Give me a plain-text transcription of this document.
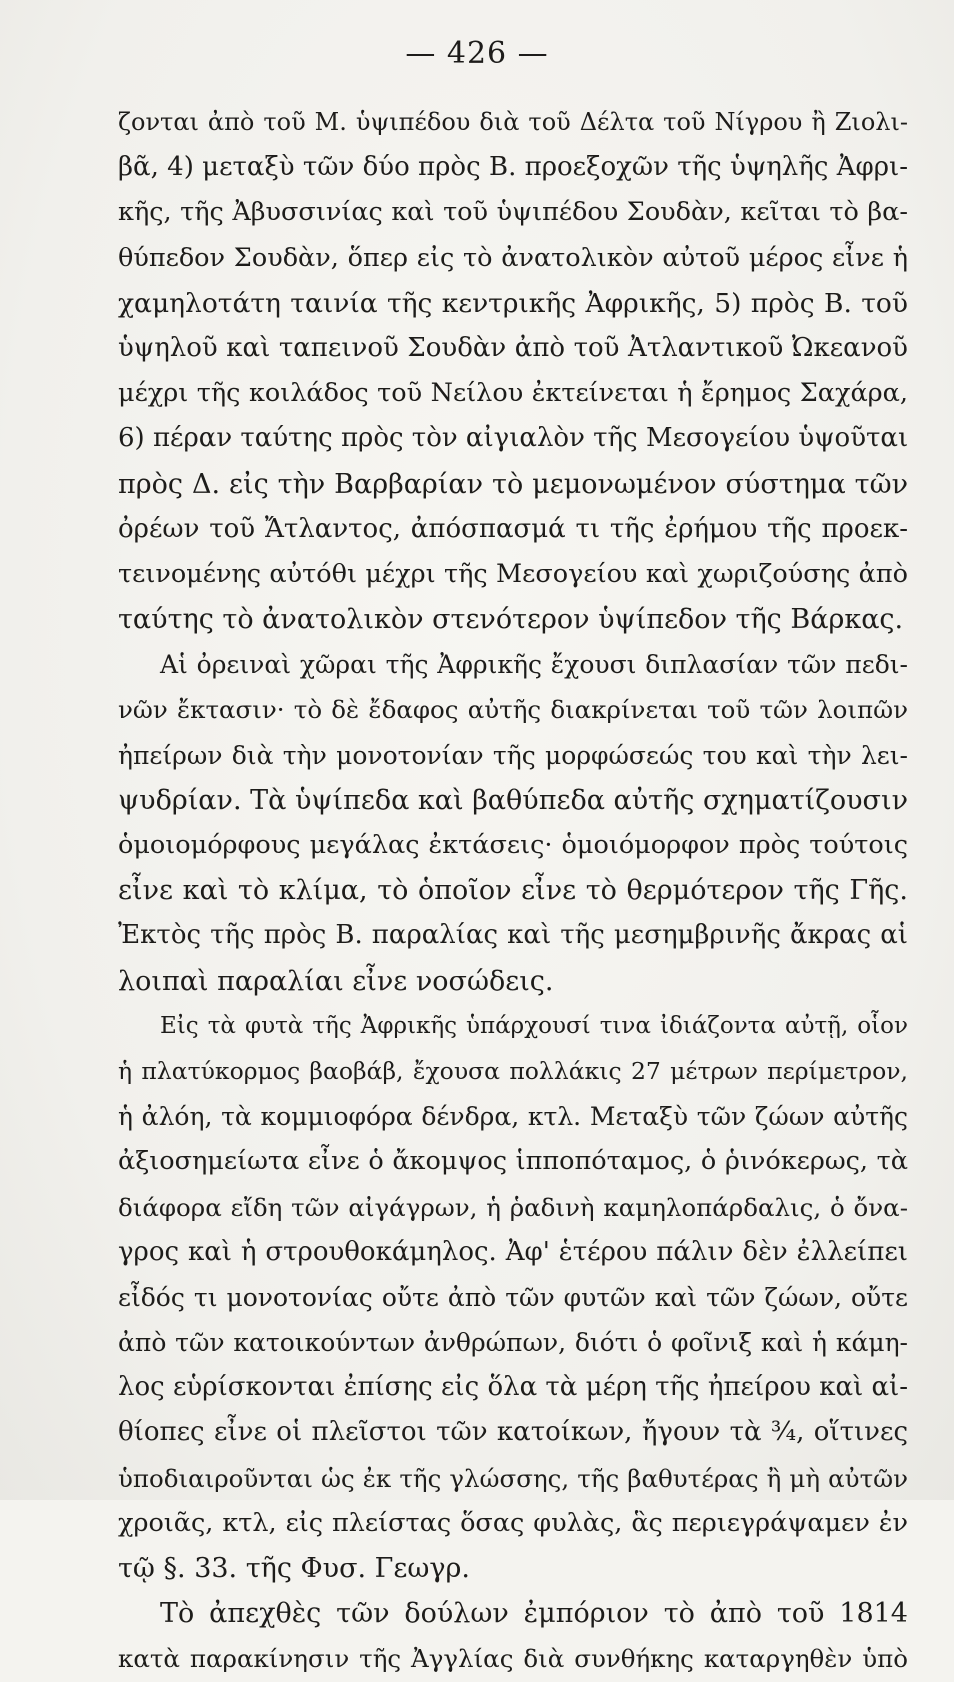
— 426 —
ζονται ἀπὸ τοῦ Μ. ὑψιπέδου διὰ τοῦ Δέλτα τοῦ Νίγρου ἢ Ζιολι-
βᾶ, 4) μεταξὺ τῶν δύο πρὸς Β. προεξοχῶν τῆς ὑψηλῆς Ἀφρι-
κῆς, τῆς Ἀβυσσινίας καὶ τοῦ ὑψιπέδου Σουδὰν, κεῖται τὸ βα-
θύπεδον Σουδὰν, ὅπερ εἰς τὸ ἀνατολικὸν αὐτοῦ μέρος εἶνε ἡ
χαμηλοτάτη ταινία τῆς κεντρικῆς Ἀφρικῆς, 5) πρὸς Β. τοῦ
ὑψηλοῦ καὶ ταπεινοῦ Σουδὰν ἀπὸ τοῦ Ἀτλαντικοῦ Ὠκεανοῦ
μέχρι τῆς κοιλάδος τοῦ Νείλου ἐκτείνεται ἡ ἔρημος Σαχάρα,
6) πέραν ταύτης πρὸς τὸν αἰγιαλὸν τῆς Μεσογείου ὑψοῦται
πρὸς Δ. εἰς τὴν Βαρβαρίαν τὸ μεμονωμένον σύστημα τῶν
ὀρέων τοῦ Ἄτλαντος, ἀπόσπασμά τι τῆς ἐρήμου τῆς προεκ-
τεινομένης αὐτόθι μέχρι τῆς Μεσογείου καὶ χωριζούσης ἀπὸ
ταύτης τὸ ἀνατολικὸν στενότερον ὑψίπεδον τῆς Βάρκας.
Αἱ ὀρειναὶ χῶραι τῆς Ἀφρικῆς ἔχουσι διπλασίαν τῶν πεδι-
νῶν ἔκτασιν· τὸ δὲ ἔδαφος αὐτῆς διακρίνεται τοῦ τῶν λοιπῶν
ἠπείρων διὰ τὴν μονοτονίαν τῆς μορφώσεώς του καὶ τὴν λει-
ψυδρίαν. Τὰ ὑψίπεδα καὶ βαθύπεδα αὐτῆς σχηματίζουσιν
ὁμοιομόρφους μεγάλας ἐκτάσεις· ὁμοιόμορφον πρὸς τούτοις
εἶνε καὶ τὸ κλίμα, τὸ ὁποῖον εἶνε τὸ θερμότερον τῆς Γῆς.
Ἐκτὸς τῆς πρὸς Β. παραλίας καὶ τῆς μεσημβρινῆς ἄκρας αἱ
λοιπαὶ παραλίαι εἶνε νοσώδεις.
Εἰς τὰ φυτὰ τῆς Ἀφρικῆς ὑπάρχουσί τινα ἰδιάζοντα αὐτῇ, οἷον
ἡ πλατύκορμος βαοβάβ, ἔχουσα πολλάκις 27 μέτρων περίμετρον,
ἡ ἀλόη, τὰ κομμιοφόρα δένδρα, κτλ. Μεταξὺ τῶν ζώων αὐτῆς
ἀξιοσημείωτα εἶνε ὁ ἄκομψος ἱπποπόταμος, ὁ ῥινόκερως, τὰ
διάφορα εἴδη τῶν αἰγάγρων, ἡ ῥαδινὴ καμηλοπάρδαλις, ὁ ὄνα-
γρος καὶ ἡ στρουθοκάμηλος. Ἀφ' ἑτέρου πάλιν δὲν ἐλλείπει
εἶδός τι μονοτονίας οὔτε ἀπὸ τῶν φυτῶν καὶ τῶν ζώων, οὔτε
ἀπὸ τῶν κατοικούντων ἀνθρώπων, διότι ὁ φοῖνιξ καὶ ἡ κάμη-
λος εὑρίσκονται ἐπίσης εἰς ὅλα τὰ μέρη τῆς ἠπείρου καὶ αἰ-
θίοπες εἶνε οἱ πλεῖστοι τῶν κατοίκων, ἤγουν τὰ ¾, οἵτινες
ὑποδιαιροῦνται ὡς ἐκ τῆς γλώσσης, τῆς βαθυτέρας ἢ μὴ αὐτῶν
χροιᾶς, κτλ, εἰς πλείστας ὅσας φυλὰς, ἃς περιεγράψαμεν ἐν
τῷ §. 33. τῆς Φυσ. Γεωγρ.
Τὸ ἀπεχθὲς τῶν δούλων ἐμπόριον τὸ ἀπὸ τοῦ 1814
κατὰ παρακίνησιν τῆς Ἀγγλίας διὰ συνθήκης καταργηθὲν ὑπὸ
